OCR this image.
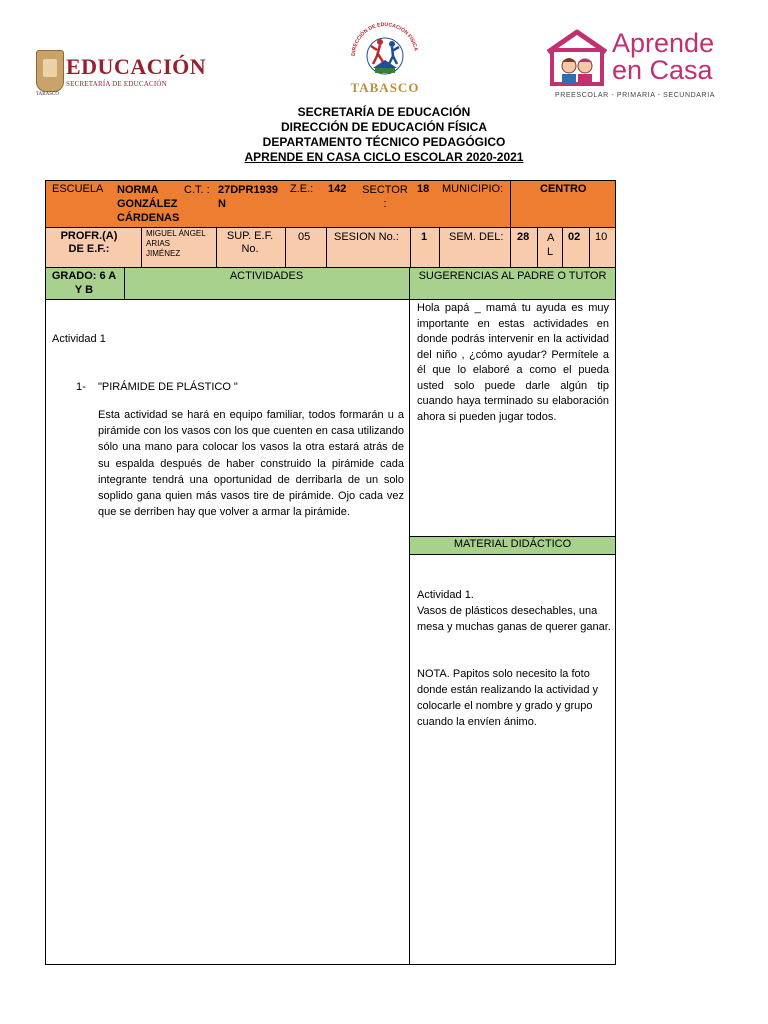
EDUCACIÓN
SECRETARÍA DE EDUCACIÓN
TABASCO
DIRECCIÓN DE EDUCACIÓN FÍSICA
TABASCO
Aprende
en Casa
PREESCOLAR - PRIMARIA - SECUNDARIA
SECRETARÍA DE EDUCACIÓN
DIRECCIÓN DE EDUCACIÓN FÍSICA
DEPARTAMENTO TÉCNICO PEDAGÓGICO
APRENDE EN CASA CICLO ESCOLAR 2020-2021
ESCUELA NORMA GONZÁLEZ CÁRDENAS
C.T. : 27DPR1939N
Z.E.: 142 SECTOR :
18 MUNICIPIO:	CENTRO
PROFR.(A) DE E.F.:
MIGUEL ÁNGEL ARIAS JIMÉNEZ
SUP. E.F. No.
05 SESION No.: 1 SEM. DEL: 28 A L
02 10
GRADO: 6 A Y B
ACTIVIDADES	SUGERENCIAS AL PADRE O TUTOR
Actividad 1
1- "PIRÁMIDE DE PLÁSTICO "
Esta actividad se hará en equipo familiar, todos formarán u a pirámide con los vasos con los que cuenten en casa utilizando sólo una mano para colocar los vasos la otra estará atrás de su espalda después de haber construido la pirámide cada integrante tendrá una oportunidad de derribarla de un solo soplido gana quien más vasos tire de pirámide. Ojo cada vez que se derriben hay que volver a armar la pirámide.
Hola papá _ mamá tu ayuda es muy importante en estas actividades en donde podrás intervenir en la actividad del niño , ¿cómo ayudar? Permítele a él que lo elaboré a como el pueda usted solo puede darle algún tip cuando haya terminado su elaboración ahora si pueden jugar todos.
MATERIAL DIDÁCTICO
Actividad 1.
Vasos de plásticos desechables, una mesa y muchas ganas de querer ganar.
NOTA. Papitos solo necesito la foto donde están realizando la actividad y colocarle el nombre y grado y grupo cuando la envíen ánimo.
